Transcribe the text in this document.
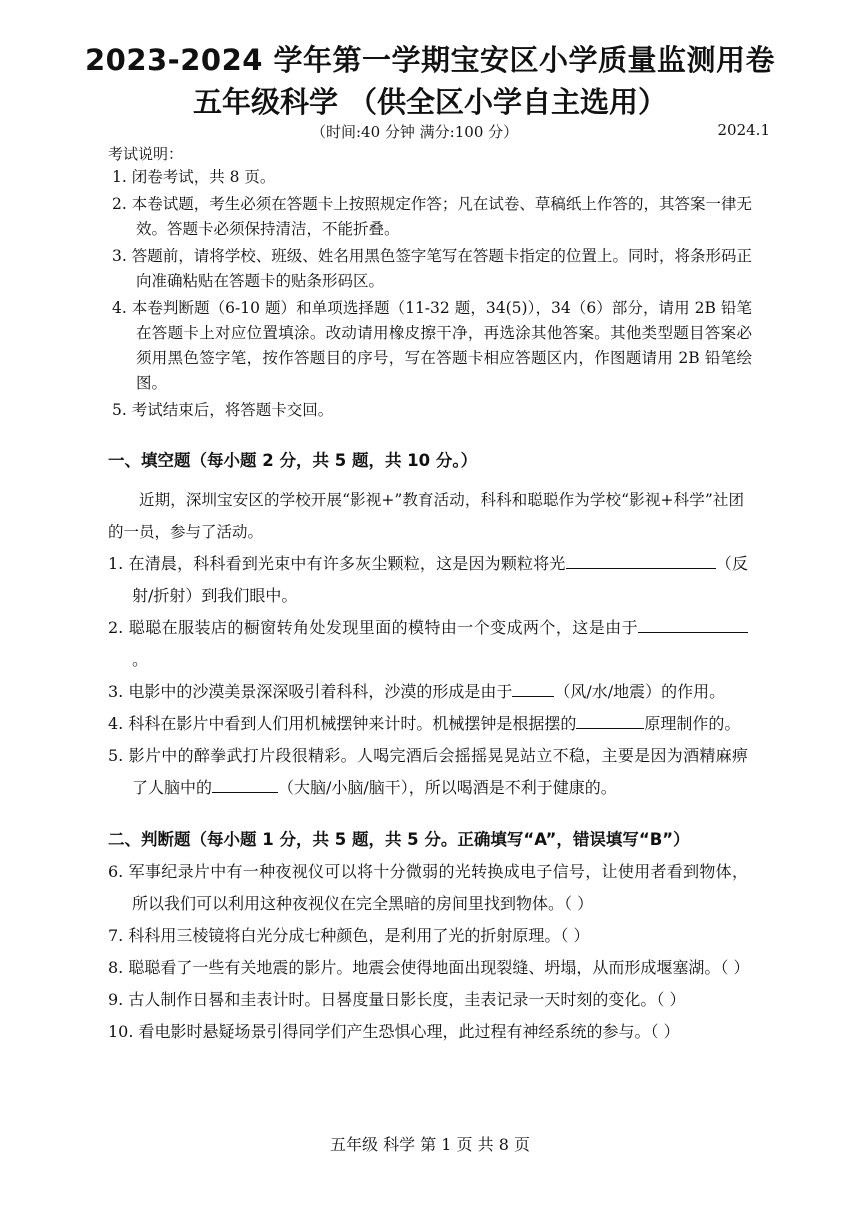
2023-2024 学年第一学期宝安区小学质量监测用卷
五年级科学 （供全区小学自主选用）
（时间:40 分钟 满分:100 分）	2024.1
考试说明：
1. 闭卷考试，共 8 页。
2. 本卷试题，考生必须在答题卡上按照规定作答；凡在试卷、草稿纸上作答的，其答案一律无效。答题卡必须保持清洁，不能折叠。
3. 答题前，请将学校、班级、姓名用黑色签字笔写在答题卡指定的位置上。同时，将条形码正向准确粘贴在答题卡的贴条形码区。
4. 本卷判断题（6-10 题）和单项选择题（11-32 题，34(5)），34（6）部分，请用 2B 铅笔在答题卡上对应位置填涂。改动请用橡皮擦干净，再选涂其他答案。其他类型题目答案必须用黑色签字笔，按作答题目的序号，写在答题卡相应答题区内，作图题请用 2B 铅笔绘图。
5. 考试结束后，将答题卡交回。
一、填空题（每小题 2 分，共 5 题，共 10 分。）
近期，深圳宝安区的学校开展“影视+”教育活动，科科和聪聪作为学校“影视+科学”社团的一员，参与了活动。
1. 在清晨，科科看到光束中有许多灰尘颗粒，这是因为颗粒将光	（反射/折射）到我们眼中。
2. 聪聪在服装店的橱窗转角处发现里面的模特由一个变成两个，这是由于。
3. 电影中的沙漠美景深深吸引着科科，沙漠的形成是由于	（风/水/地震）的作用。
4. 科科在影片中看到人们用机械摆钟来计时。机械摆钟是根据摆的	原理制作的。
5. 影片中的醉拳武打片段很精彩。人喝完酒后会摇摇晃晃站立不稳，主要是因为酒精麻痹了人脑中的	（大脑/小脑/脑干），所以喝酒是不利于健康的。
二、判断题（每小题 1 分，共 5 题，共 5 分。正确填写“A”，错误填写“B”）
6. 军事纪录片中有一种夜视仪可以将十分微弱的光转换成电子信号，让使用者看到物体，所以我们可以利用这种夜视仪在完全黑暗的房间里找到物体。（ ）
7. 科科用三棱镜将白光分成七种颜色，是利用了光的折射原理。（ ）
8. 聪聪看了一些有关地震的影片。地震会使得地面出现裂缝、坍塌，从而形成堰塞湖。（ ）
9. 古人制作日晷和圭表计时。日晷度量日影长度，圭表记录一天时刻的变化。（ ）
10. 看电影时悬疑场景引得同学们产生恐惧心理，此过程有神经系统的参与。（ ）
五年级 科学 第 1 页 共 8 页
